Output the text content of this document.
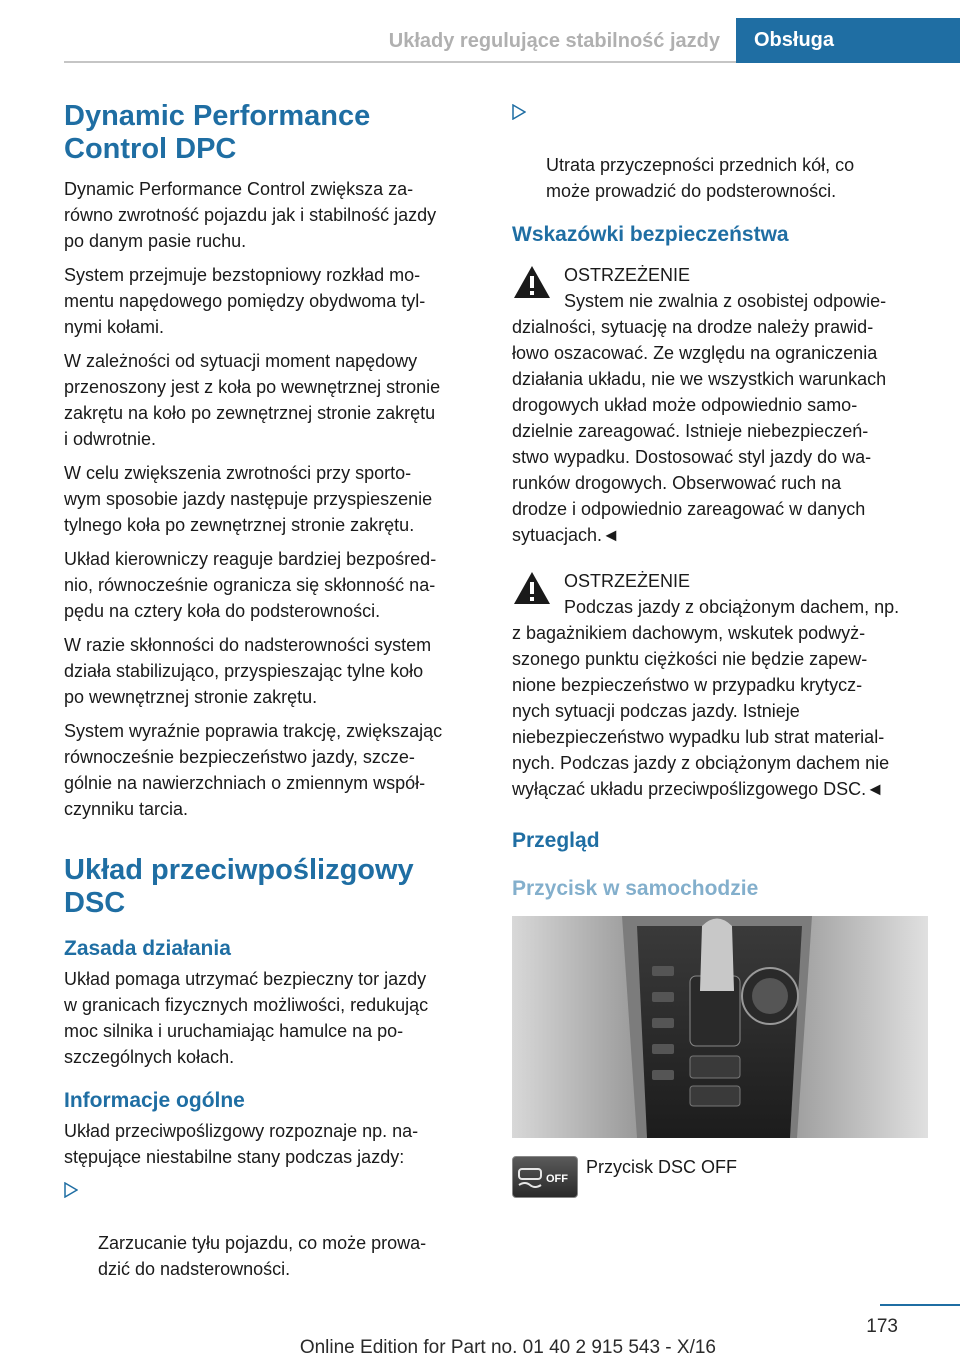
Układy regulujące stabilność jazdy	Obsługa
Dynamic Performance
Control DPC

Dynamic Performance Control zwiększa za‐
równo zwrotność pojazdu jak i stabilność jazdy
po danym pasie ruchu.

System przejmuje bezstopniowy rozkład mo‐
mentu napędowego pomiędzy obydwoma tyl‐
nymi kołami.

W zależności od sytuacji moment napędowy
przenoszony jest z koła po wewnętrznej stronie
zakrętu na koło po zewnętrznej stronie zakrętu
i odwrotnie.

W celu zwiększenia zwrotności przy sporto‐
wym sposobie jazdy następuje przyspieszenie
tylnego koła po zewnętrznej stronie zakrętu.

Układ kierowniczy reaguje bardziej bezpośred‐
nio, równocześnie ogranicza się skłonność na‐
pędu na cztery koła do podsterowności.

W razie skłonności do nadsterowności system
działa stabilizująco, przyspieszając tylne koło
po wewnętrznej stronie zakrętu.

System wyraźnie poprawia trakcję, zwiększając
równocześnie bezpieczeństwo jazdy, szcze‐
gólnie na nawierzchniach o zmiennym współ‐
czynniku tarcia.

Układ przeciwpoślizgowy
DSC
Zasada działania

Układ pomaga utrzymać bezpieczny tor jazdy
w granicach fizycznych możliwości, redukując
moc silnika i uruchamiając hamulce na po‐
szczególnych kołach.

Informacje ogólne

Układ przeciwpoślizgowy rozpoznaje np. na‐
stępujące niestabilne stany podczas jazdy:

Zarzucanie tyłu pojazdu, co może prowa‐
dzić do nadsterowności.

Utrata przyczepności przednich kół, co
może prowadzić do podsterowności.

Wskazówki bezpieczeństwa
OSTRZEŻENIE
System nie zwalnia z osobistej odpowie‐
dzialności, sytuację na drodze należy prawid‐
łowo oszacować. Ze względu na ograniczenia
działania układu, nie we wszystkich warunkach
drogowych układ może odpowiednio samo‐
dzielnie zareagować. Istnieje niebezpieczeń‐
stwo wypadku. Dostosować styl jazdy do wa‐
runków drogowych. Obserwować ruch na
drodze i odpowiednio zareagować w danych
sytuacjach.◄
OSTRZEŻENIE
Podczas jazdy z obciążonym dachem, np.
z bagażnikiem dachowym, wskutek podwyż‐
szonego punktu ciężkości nie będzie zapew‐
nione bezpieczeństwo w przypadku krytycz‐
nych sytuacji podczas jazdy. Istnieje
niebezpieczeństwo wypadku lub strat material‐
nych. Podczas jazdy z obciążonym dachem nie
wyłączać układu przeciwpoślizgowego DSC.◄
Przegląd
Przycisk w samochodzie
OFF
Przycisk DSC OFF
173
Online Edition for Part no. 01 40 2 915 543 - X/16
